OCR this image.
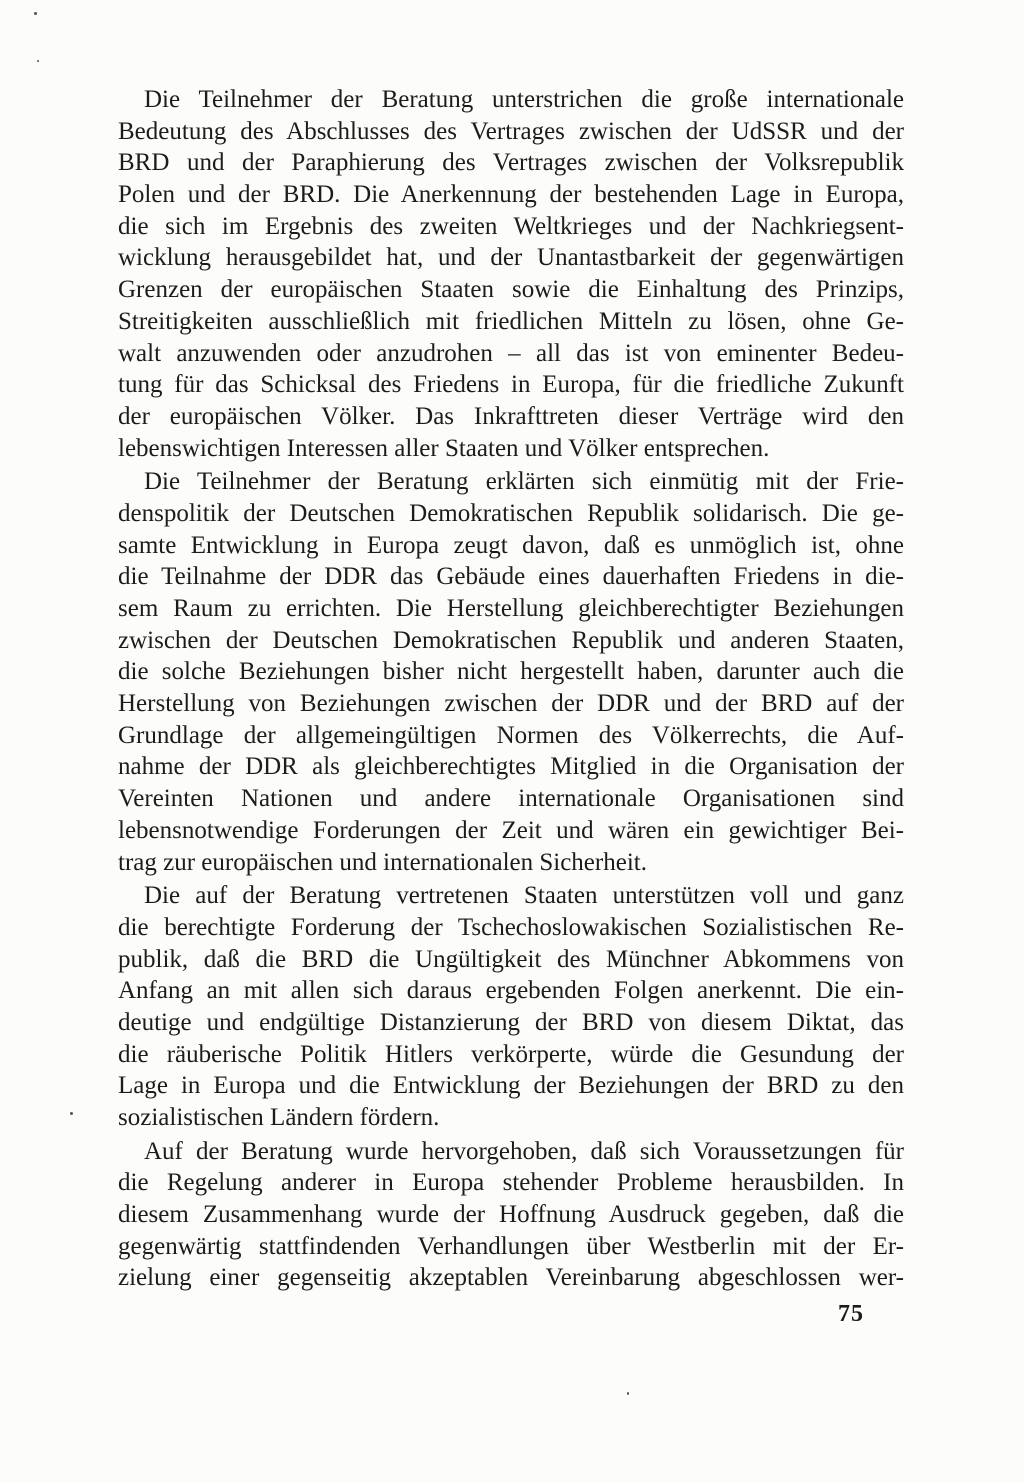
Die Teilnehmer der Beratung unterstrichen die große internationale
Bedeutung des Abschlusses des Vertrages zwischen der UdSSR und der
BRD und der Paraphierung des Vertrages zwischen der Volksrepublik
Polen und der BRD. Die Anerkennung der bestehenden Lage in Europa,
die sich im Ergebnis des zweiten Weltkrieges und der Nachkriegsent-
wicklung herausgebildet hat, und der Unantastbarkeit der gegenwärtigen
Grenzen der europäischen Staaten sowie die Einhaltung des Prinzips,
Streitigkeiten ausschließlich mit friedlichen Mitteln zu lösen, ohne Ge-
walt anzuwenden oder anzudrohen – all das ist von eminenter Bedeu-
tung für das Schicksal des Friedens in Europa, für die friedliche Zukunft
der europäischen Völker. Das Inkrafttreten dieser Verträge wird den
lebenswichtigen Interessen aller Staaten und Völker entsprechen.

Die Teilnehmer der Beratung erklärten sich einmütig mit der Frie-
denspolitik der Deutschen Demokratischen Republik solidarisch. Die ge-
samte Entwicklung in Europa zeugt davon, daß es unmöglich ist, ohne
die Teilnahme der DDR das Gebäude eines dauerhaften Friedens in die-
sem Raum zu errichten. Die Herstellung gleichberechtigter Beziehungen
zwischen der Deutschen Demokratischen Republik und anderen Staaten,
die solche Beziehungen bisher nicht hergestellt haben, darunter auch die
Herstellung von Beziehungen zwischen der DDR und der BRD auf der
Grundlage der allgemeingültigen Normen des Völkerrechts, die Auf-
nahme der DDR als gleichberechtigtes Mitglied in die Organisation der
Vereinten Nationen und andere internationale Organisationen sind
lebensnotwendige Forderungen der Zeit und wären ein gewichtiger Bei-
trag zur europäischen und internationalen Sicherheit.

Die auf der Beratung vertretenen Staaten unterstützen voll und ganz
die berechtigte Forderung der Tschechoslowakischen Sozialistischen Re-
publik, daß die BRD die Ungültigkeit des Münchner Abkommens von
Anfang an mit allen sich daraus ergebenden Folgen anerkennt. Die ein-
deutige und endgültige Distanzierung der BRD von diesem Diktat, das
die räuberische Politik Hitlers verkörperte, würde die Gesundung der
Lage in Europa und die Entwicklung der Beziehungen der BRD zu den
sozialistischen Ländern fördern.

Auf der Beratung wurde hervorgehoben, daß sich Voraussetzungen für
die Regelung anderer in Europa stehender Probleme herausbilden. In
diesem Zusammenhang wurde der Hoffnung Ausdruck gegeben, daß die
gegenwärtig stattfindenden Verhandlungen über Westberlin mit der Er-
zielung einer gegenseitig akzeptablen Vereinbarung abgeschlossen wer-

75
